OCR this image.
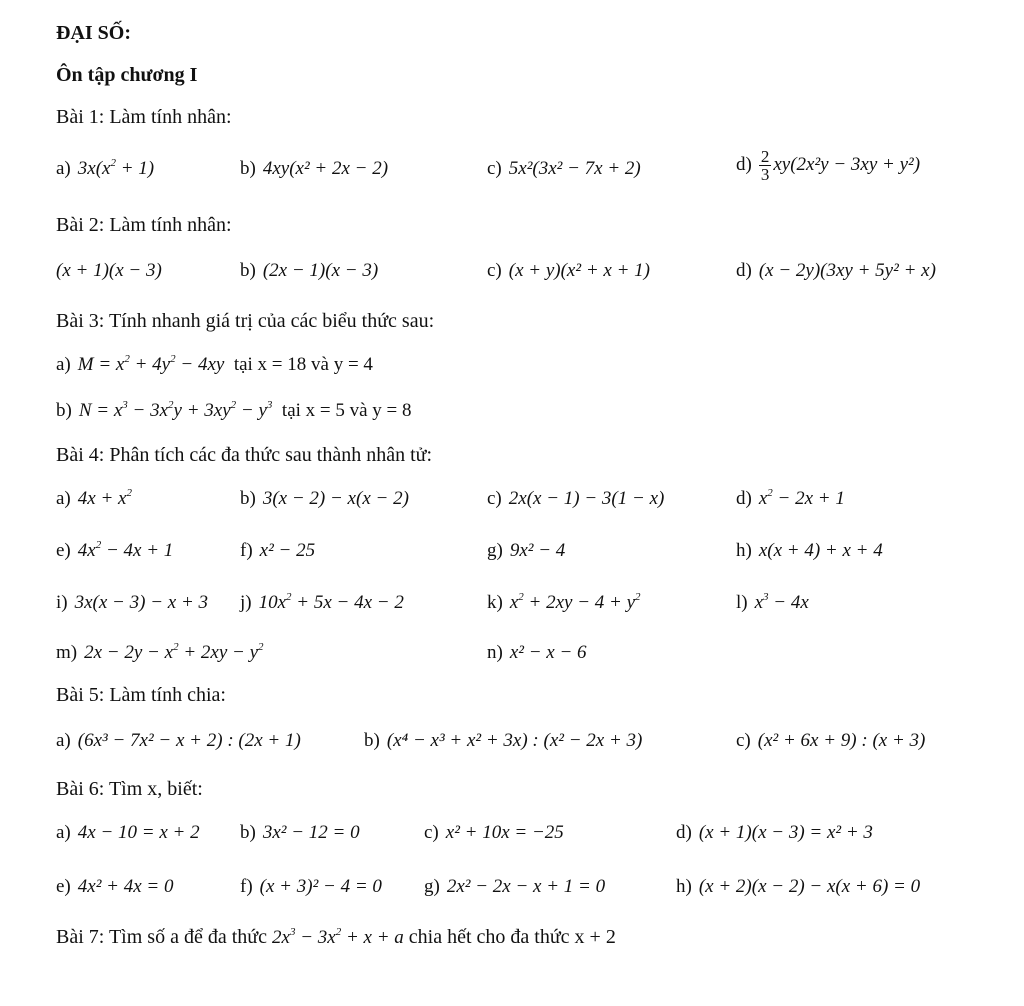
ĐẠI SỐ:
Ôn tập chương I
Bài 1: Làm tính nhân:
a) $3x(x^2 + 1)$	b) 4xy(x² + 2x − 2)	c) 5x²(3x² − 7x + 2)	$d) \frac{2}{3} xy(2x^2y - 3xy + y^2)$
Bài 2: Làm tính nhân:
(x + 1)(x − 3)	b) (2x − 1)(x − 3)	c) (x + y)(x² + x + 1)	d) (x − 2y)(3xy + 5y² + x)
Bài 3: Tính nhanh giá trị của các biểu thức sau:
a) $M = x^2 + 4y^2 - 4xy$ tại x = 18 và y = 4
b) $N = x^3 - 3x^2y + 3xy^2 - y^3$ tại x = 5 và y = 8
Bài 4: Phân tích các đa thức sau thành nhân tử:
a) $4x + x^2$	b) 3(x − 2) − x(x − 2)	c) 2x(x − 1) − 3(1 − x)	d) $x^2 - 2x + 1$
e) $4x^2 - 4x + 1$	f) x² − 25	g) 9x² − 4	h) x(x + 4) + x + 4
i) 3x(x − 3) − x + 3 j) $10x^2 + 5x - 4x - 2$	k) $x^2 + 2xy - 4 + y^2$	l) $x^3 - 4x$
m) $2x - 2y - x^2 + 2xy - y^2$	n) x² − x − 6
Bài 5: Làm tính chia:
a) (6x³ − 7x² − x + 2) : (2x + 1)	b) (x⁴ − x³ + x² + 3x) : (x² − 2x + 3)	c) (x² + 6x + 9) : (x + 3)
Bài 6: Tìm x, biết:
a) 4x − 10 = x + 2 b) 3x² − 12 = 0	c) x² + 10x = −25	d) (x + 1)(x − 3) = x² + 3
e) 4x² + 4x = 0	f) (x + 3)² − 4 = 0 g) 2x² − 2x − x + 1 = 0	h) (x + 2)(x − 2) − x(x + 6) = 0
Bài 7: Tìm số a để đa thức $2x^3 - 3x^2 + x + a$ chia hết cho đa thức x + 2
